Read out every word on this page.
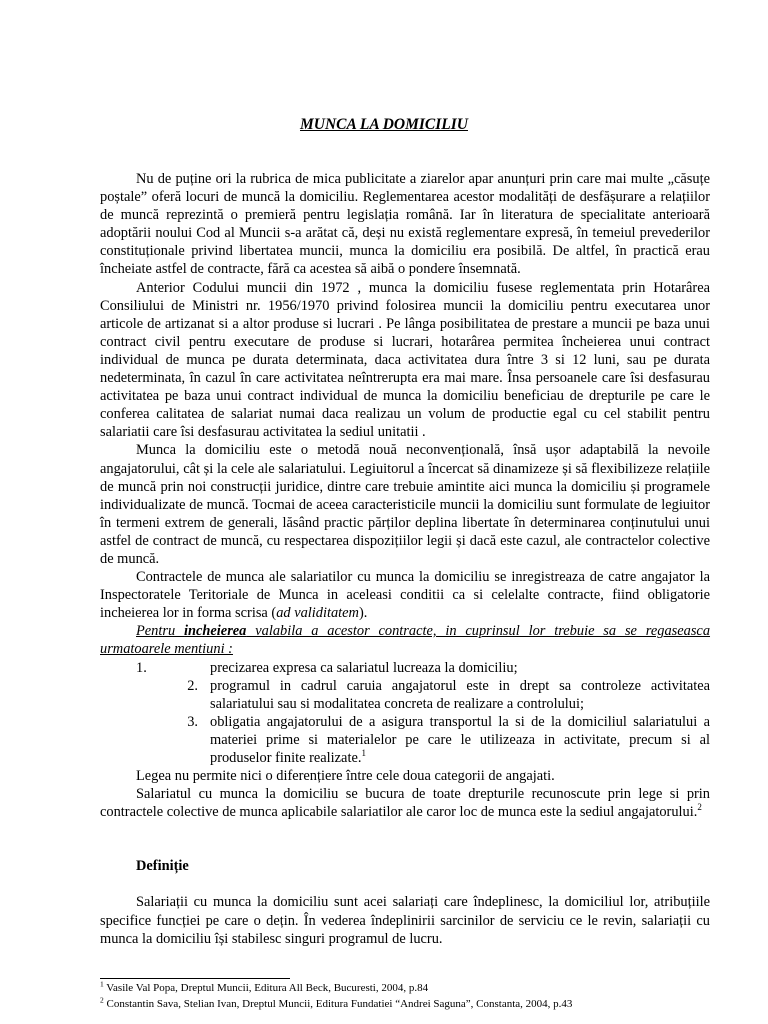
MUNCA LA DOMICILIU

Nu de puține ori la rubrica de mica publicitate a ziarelor apar anunțuri prin care mai multe „căsuțe poștale” oferă locuri de muncă la domiciliu. Reglementarea acestor modalități de desfășurare a relațiilor de muncă reprezintă o premieră pentru legislația română. Iar în literatura de specialitate anterioară adoptării noului Cod al Muncii s-a arătat că, deși nu există reglementare expresă, în temeiul prevederilor constituționale privind libertatea muncii, munca la domiciliu era posibilă. De altfel, în practică erau încheiate astfel de contracte, fără ca acestea să aibă o pondere însemnată.

Anterior Codului muncii din 1972 , munca la domiciliu fusese reglementata prin Hotarârea Consiliului de Ministri nr. 1956/1970 privind folosirea muncii la domiciliu pentru executarea unor articole de artizanat si a altor produse si lucrari . Pe lânga posibilitatea de prestare a muncii pe baza unui contract civil pentru executare de produse si lucrari, hotarârea permitea încheierea unui contract individual de munca pe durata determinata, daca activitatea dura între 3 si 12 luni, sau pe durata nedeterminata, în cazul în care activitatea neîntrerupta era mai mare. Însa persoanele care îsi desfasurau activitatea pe baza unui contract individual de munca la domiciliu beneficiau de drepturile pe care le conferea calitatea de salariat numai daca realizau un volum de productie egal cu cel stabilit pentru salariatii care îsi desfasurau activitatea la sediul unitatii .

Munca la domiciliu este o metodă nouă neconvențională, însă ușor adaptabilă la nevoile angajatorului, cât și la cele ale salariatului. Legiuitorul a încercat să dinamizeze și să flexibilizeze relațiile de muncă prin noi construcții juridice, dintre care trebuie amintite aici munca la domiciliu și programele individualizate de muncă. Tocmai de aceea caracteristicile muncii la domiciliu sunt formulate de legiuitor în termeni extrem de generali, lăsând practic părților deplina libertate în determinarea conținutului unui astfel de contract de muncă, cu respectarea dispozițiilor legii și dacă este cazul, ale contractelor colective de muncă.

Contractele de munca ale salariatilor cu munca la domiciliu se inregistreaza de catre angajator la Inspectoratele Teritoriale de Munca in aceleasi conditii ca si celelalte contracte, fiind obligatorie incheierea lor in forma scrisa (ad validitatem).

Pentru incheierea valabila a acestor contracte, in cuprinsul lor trebuie sa se regaseasca urmatoarele mentiuni :

1.	precizarea expresa ca salariatul lucreaza la domiciliu;
2. programul in cadrul caruia angajatorul este in drept sa controleze activitatea salariatului sau si modalitatea concreta de realizare a controlului;
3. obligatia angajatorului de a asigura transportul la si de la domiciliul salariatului a materiei prime si materialelor pe care le utilizeaza in activitate, precum si al produselor finite realizate.$^1$

Legea nu permite nici o diferențiere între cele doua categorii de angajati.

Salariatul cu munca la domiciliu se bucura de toate drepturile recunoscute prin lege si prin contractele colective de munca aplicabile salariatilor ale caror loc de munca este la sediul angajatorului.$^2$

Definiție

Salariații cu munca la domiciliu sunt acei salariați care îndeplinesc, la domiciliul lor, atribuțiile specifice funcției pe care o dețin. În vederea îndeplinirii sarcinilor de serviciu ce le revin, salariații cu munca la domiciliu își stabilesc singuri programul de lucru.

$^1$ Vasile Val Popa, Dreptul Muncii, Editura All Beck, Bucuresti, 2004, p.84
$^2$ Constantin Sava, Stelian Ivan, Dreptul Muncii, Editura Fundatiei “Andrei Saguna”, Constanta, 2004, p.43
